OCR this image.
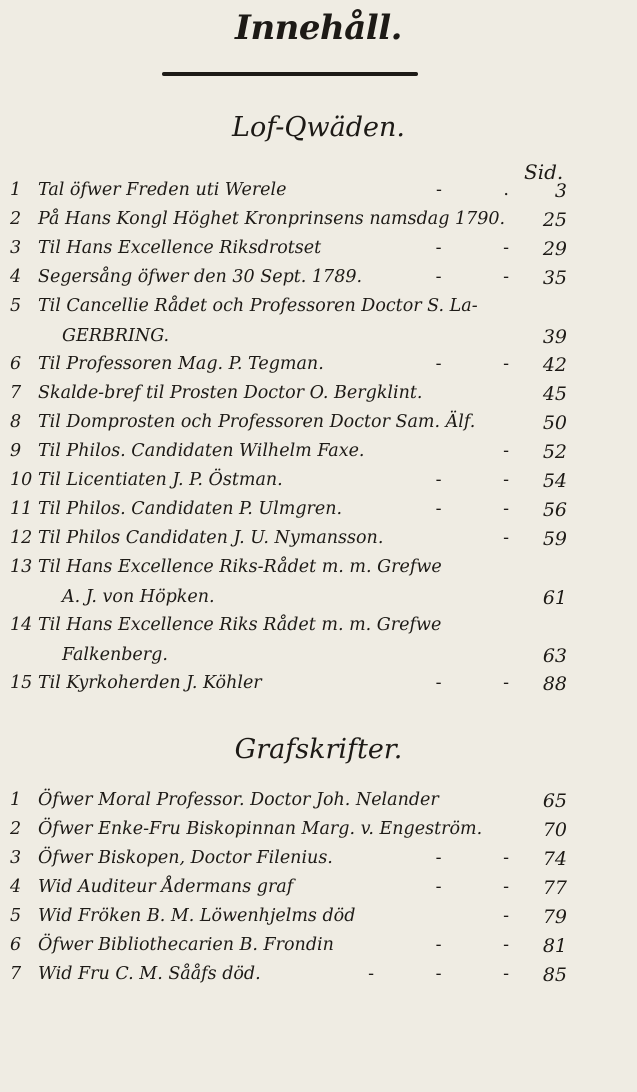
Innehåll.
Lof-Qwäden.
Sid.
1 Tal öfwer Freden uti Werele	- . 3
2 På Hans Kongl Höghet Kronprinsens namsdag 1790. 25
3 Til Hans Excellence Riksdrotset	- - 29
4 Segersång öfwer den 30 Sept. 1789.	- - 35
5 Til Cancellie Rådet och Professoren Doctor S. La-
GERBRING.	39
6 Til Professoren Mag. P. Tegman.	- - 42
7 Skalde-bref til Prosten Doctor O. Bergklint.	45
8 Til Domprosten och Professoren Doctor Sam. Älf.	50
9 Til Philos. Candidaten Wilhelm Faxe.	- 52
10 Til Licentiaten J. P. Östman.	- - 54
11 Til Philos. Candidaten P. Ulmgren.	- - 56
12 Til Philos Candidaten J. U. Nymansson.	- 59
13 Til Hans Excellence Riks-Rådet m. m. Grefwe
A. J. von Höpken.	61
14 Til Hans Excellence Riks Rådet m. m. Grefwe
Falkenberg.	63
15 Til Kyrkoherden J. Köhler	- - 88
Grafskrifter.
1 Öfwer Moral Professor. Doctor Joh. Nelander	65
2 Öfwer Enke-Fru Biskopinnan Marg. v. Engeström.	70
3 Öfwer Biskopen, Doctor Filenius.	- - 74
4 Wid Auditeur Ådermans graf	- - 77
5 Wid Fröken B. M. Löwenhjelms död	- 79
6 Öfwer Bibliothecarien B. Frondin	- - 81
7 Wid Fru C. M. Sååfs död.	- - - 85
